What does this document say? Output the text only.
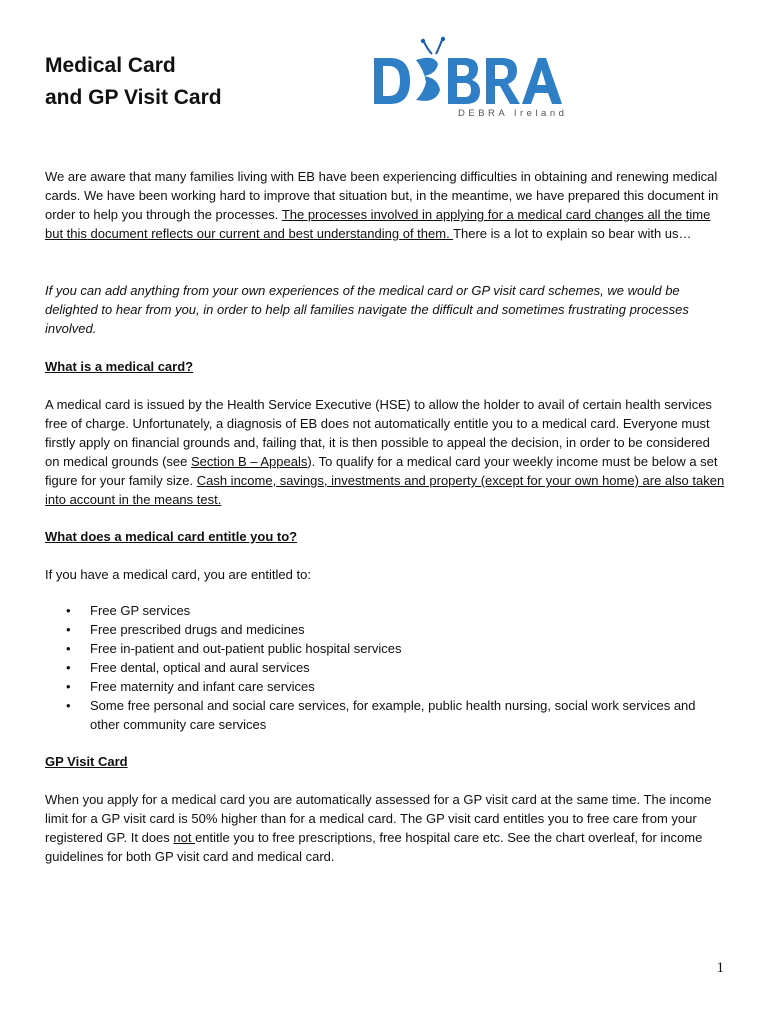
Medical Card
and GP Visit Card
DEBRA Ireland

We are aware that many families living with EB have been experiencing difficulties in obtaining and renewing medical cards. We have been working hard to improve that situation but, in the meantime, we have prepared this document in order to help you through the processes. The processes involved in applying for a medical card changes all the time but this document reflects our current and best understanding of them. There is a lot to explain so bear with us…

If you can add anything from your own experiences of the medical card or GP visit card schemes, we would be delighted to hear from you, in order to help all families navigate the difficult and sometimes frustrating processes involved.

What is a medical card?

A medical card is issued by the Health Service Executive (HSE) to allow the holder to avail of certain health services free of charge. Unfortunately, a diagnosis of EB does not automatically entitle you to a medical card. Everyone must firstly apply on financial grounds and, failing that, it is then possible to appeal the decision, in order to be considered on medical grounds (see Section B – Appeals). To qualify for a medical card your weekly income must be below a set figure for your family size. Cash income, savings, investments and property (except for your own home) are also taken into account in the means test.

What does a medical card entitle you to?

If you have a medical card, you are entitled to:

• Free GP services
• Free prescribed drugs and medicines
• Free in-patient and out-patient public hospital services
• Free dental, optical and aural services
• Free maternity and infant care services
• Some free personal and social care services, for example, public health nursing, social work services and other community care services

GP Visit Card

When you apply for a medical card you are automatically assessed for a GP visit card at the same time. The income limit for a GP visit card is 50% higher than for a medical card. The GP visit card entitles you to free care from your registered GP. It does not entitle you to free prescriptions, free hospital care etc. See the chart overleaf, for income guidelines for both GP visit card and medical card.

1
